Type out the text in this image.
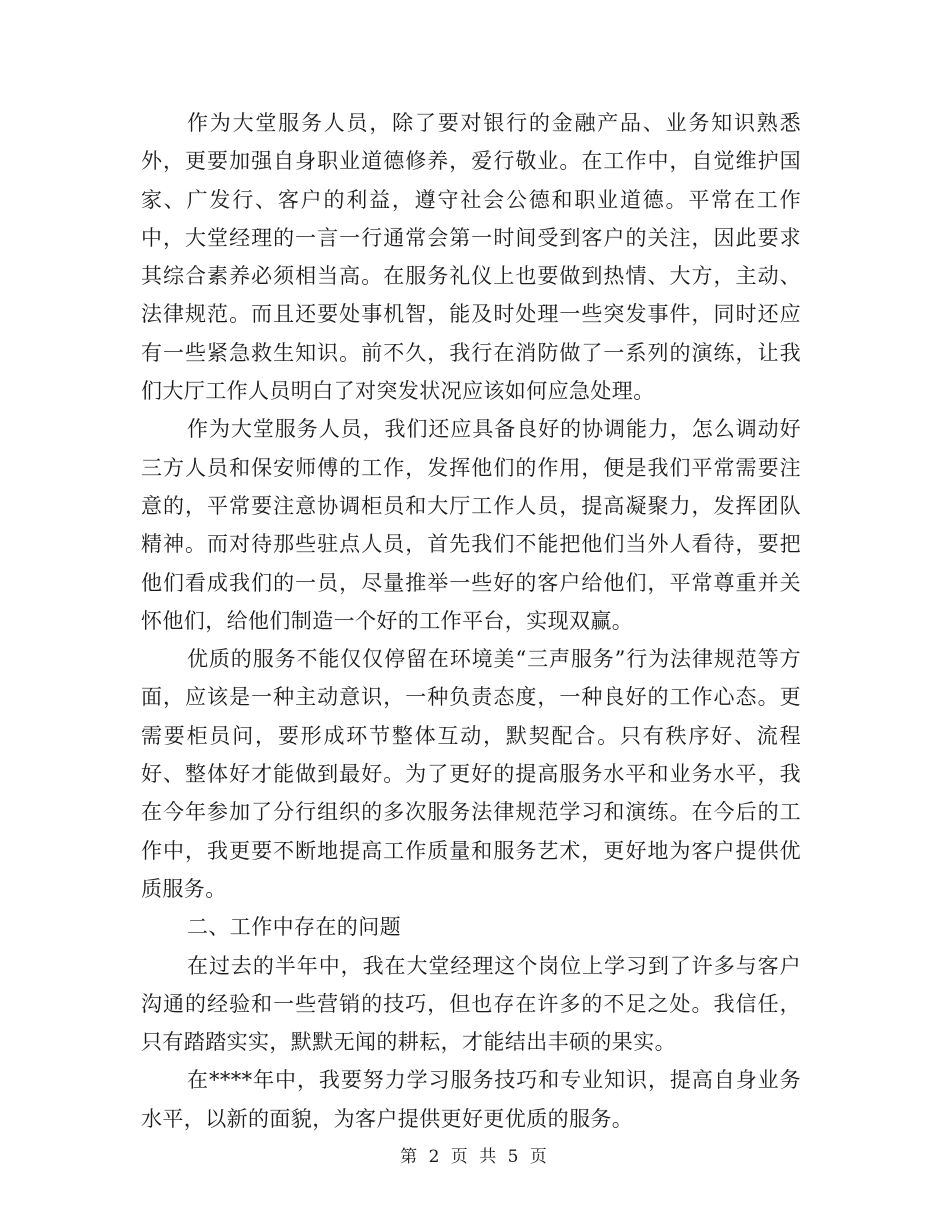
作为大堂服务人员，除了要对银行的金融产品、业务知识熟悉外，更要加强自身职业道德修养，爱行敬业。在工作中，自觉维护国家、广发行、客户的利益，遵守社会公德和职业道德。平常在工作中，大堂经理的一言一行通常会第一时间受到客户的关注，因此要求其综合素养必须相当高。在服务礼仪上也要做到热情、大方，主动、法律规范。而且还要处事机智，能及时处理一些突发事件，同时还应有一些紧急救生知识。前不久，我行在消防做了一系列的演练，让我们大厅工作人员明白了对突发状况应该如何应急处理。

作为大堂服务人员，我们还应具备良好的协调能力，怎么调动好三方人员和保安师傅的工作，发挥他们的作用，便是我们平常需要注意的，平常要注意协调柜员和大厅工作人员，提高凝聚力，发挥团队精神。而对待那些驻点人员，首先我们不能把他们当外人看待，要把他们看成我们的一员，尽量推举一些好的客户给他们，平常尊重并关怀他们，给他们制造一个好的工作平台，实现双赢。

优质的服务不能仅仅停留在环境美“三声服务”行为法律规范等方面，应该是一种主动意识，一种负责态度，一种良好的工作心态。更需要柜员问，要形成环节整体互动，默契配合。只有秩序好、流程好、整体好才能做到最好。为了更好的提高服务水平和业务水平，我在今年参加了分行组织的多次服务法律规范学习和演练。在今后的工作中，我更要不断地提高工作质量和服务艺术，更好地为客户提供优质服务。

二、工作中存在的问题

在过去的半年中，我在大堂经理这个岗位上学习到了许多与客户沟通的经验和一些营销的技巧，但也存在许多的不足之处。我信任，只有踏踏实实，默默无闻的耕耘，才能结出丰硕的果实。

在****年中，我要努力学习服务技巧和专业知识，提高自身业务水平，以新的面貌，为客户提供更好更优质的服务。

第 2 页 共 5 页
